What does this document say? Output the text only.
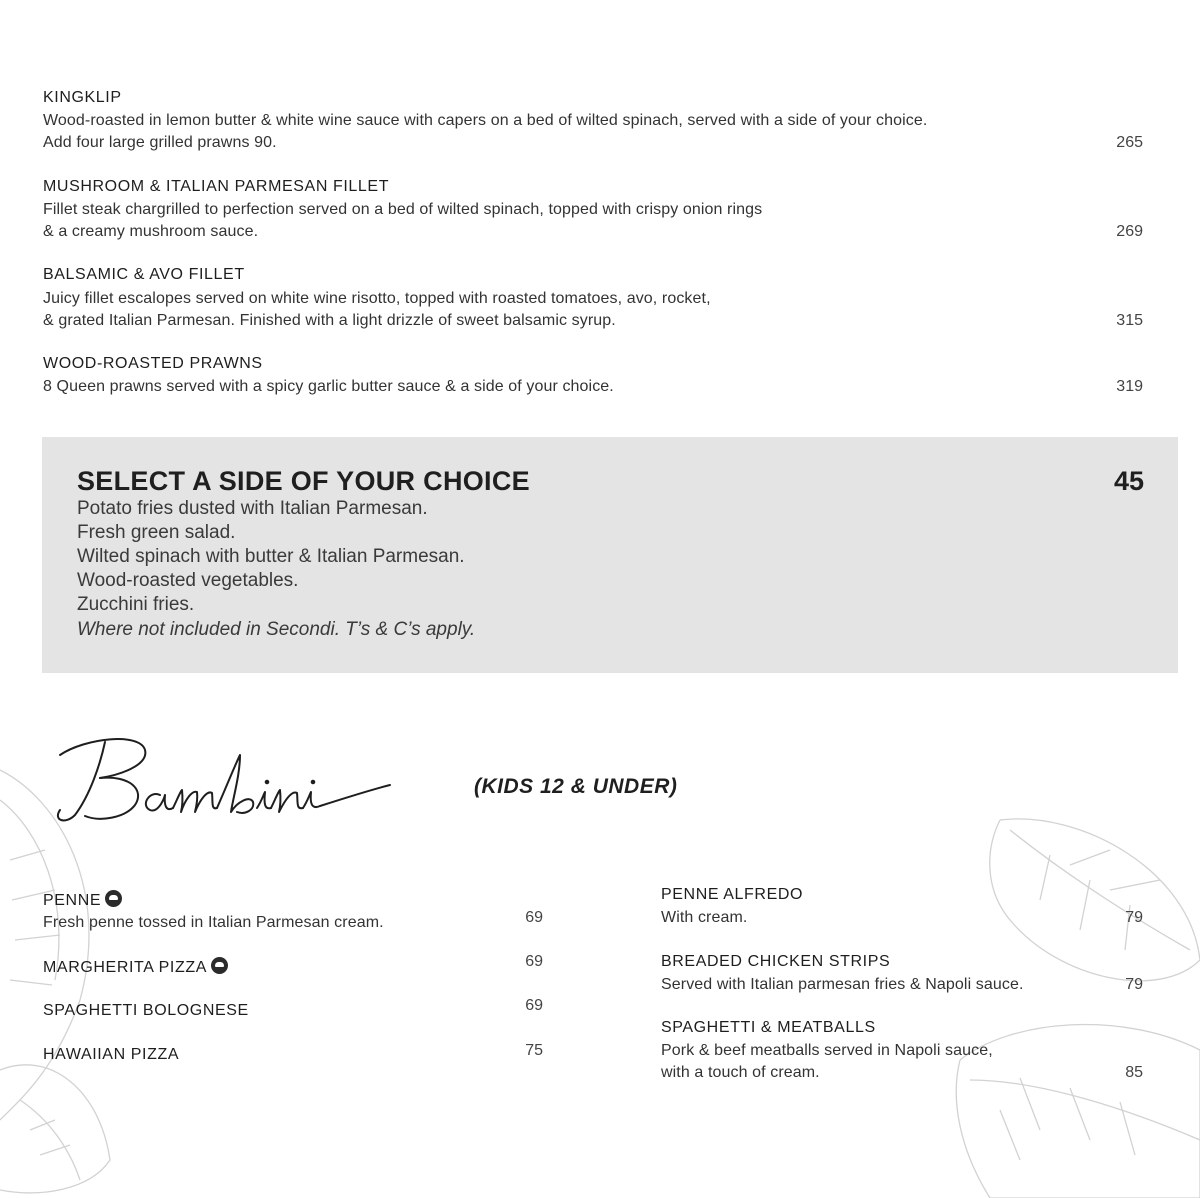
KINGKLIP
Wood-roasted in lemon butter & white wine sauce with capers on a bed of wilted spinach, served with a side of your choice.
Add four large grilled prawns 90.	265
MUSHROOM & ITALIAN PARMESAN FILLET
Fillet steak chargrilled to perfection served on a bed of wilted spinach, topped with crispy onion rings
& a creamy mushroom sauce.	269
BALSAMIC & AVO FILLET
Juicy fillet escalopes served on white wine risotto, topped with roasted tomatoes, avo, rocket,
& grated Italian Parmesan. Finished with a light drizzle of sweet balsamic syrup.	315
WOOD-ROASTED PRAWNS
8 Queen prawns served with a spicy garlic butter sauce & a side of your choice.	319
SELECT A SIDE OF YOUR CHOICE	45
Potato fries dusted with Italian Parmesan.
Fresh green salad.
Wilted spinach with butter & Italian Parmesan.
Wood-roasted vegetables.
Zucchini fries.
Where not included in Secondi. T’s & C’s apply.
(KIDS 12 & UNDER)
PENNE
Fresh penne tossed in Italian Parmesan cream.	69
MARGHERITA PIZZA	69
SPAGHETTI BOLOGNESE	69
HAWAIIAN PIZZA	75
PENNE ALFREDO
With cream.	79
BREADED CHICKEN STRIPS
Served with Italian parmesan fries & Napoli sauce.	79
SPAGHETTI & MEATBALLS
Pork & beef meatballs served in Napoli sauce,
with a touch of cream.	85
